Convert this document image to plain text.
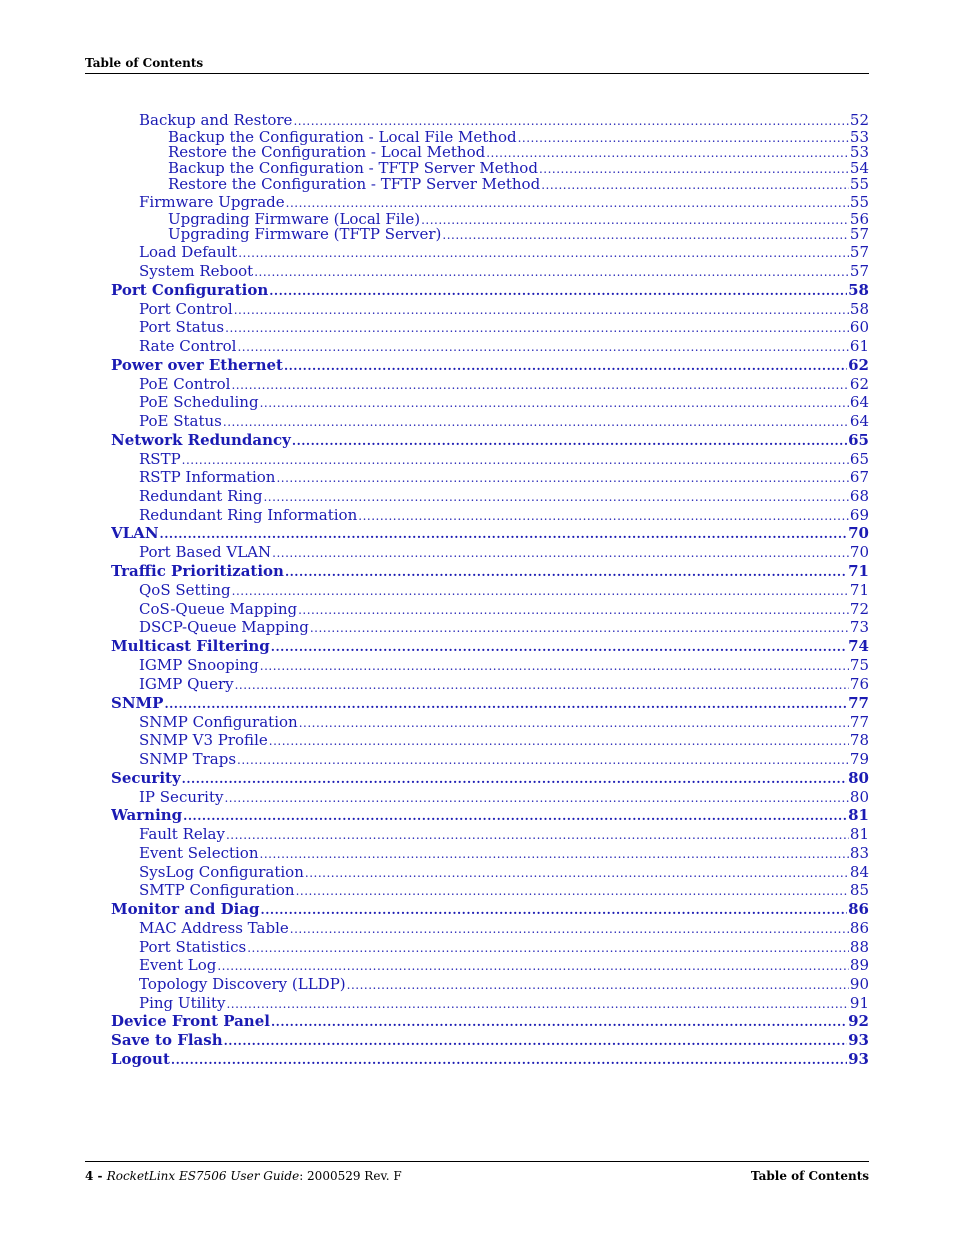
Table of Contents
Backup and Restore .....	52
Backup the Configuration - Local File Method .....	53
Restore the Configuration - Local Method .....	53
Backup the Configuration - TFTP Server Method .....	54
Restore the Configuration - TFTP Server Method .....	55
Firmware Upgrade .....	55
Upgrading Firmware (Local File) .....	56
Upgrading Firmware (TFTP Server) .....	57
Load Default .....	57
System Reboot .....	57
Port Configuration .....	58
Port Control .....	58
Port Status .....	60
Rate Control .....	61
Power over Ethernet .....	62
PoE Control .....	62
PoE Scheduling .....	64
PoE Status .....	64
Network Redundancy .....	65
RSTP .....	65
RSTP Information .....	67
Redundant Ring .....	68
Redundant Ring Information .....	69
VLAN .....	70
Port Based VLAN .....	70
Traffic Prioritization .....	71
QoS Setting .....	71
CoS-Queue Mapping .....	72
DSCP-Queue Mapping .....	73
Multicast Filtering .....	74
IGMP Snooping .....	75
IGMP Query .....	76
SNMP .....	77
SNMP Configuration .....	77
SNMP V3 Profile .....	78
SNMP Traps .....	79
Security .....	80
IP Security .....	80
Warning .....	81
Fault Relay .....	81
Event Selection .....	83
SysLog Configuration .....	84
SMTP Configuration .....	85
Monitor and Diag .....	86
MAC Address Table .....	86
Port Statistics .....	88
Event Log .....	89
Topology Discovery (LLDP) .....	90
Ping Utility .....	91
Device Front Panel .....	92
Save to Flash .....	93
Logout .....	93
4 - RocketLinx ES7506 User Guide: 2000529 Rev. F	Table of Contents
